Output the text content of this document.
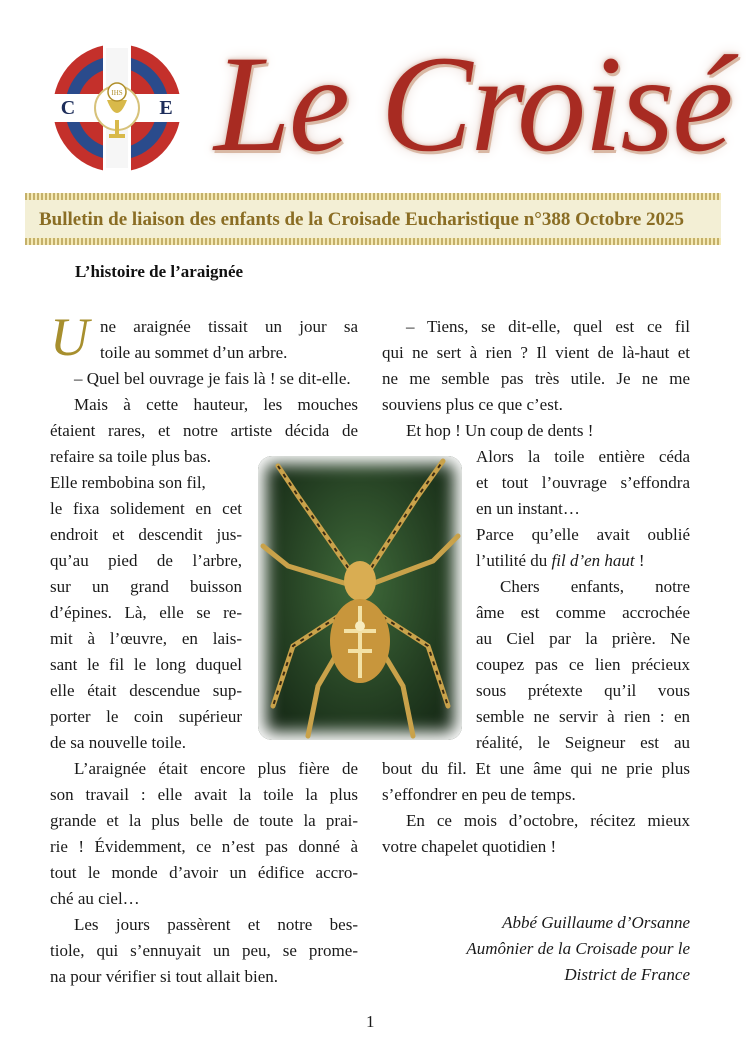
IHS
C	E Le Croisé
Bulletin de liaison des enfants de la Croisade Eucharistique n°388 Octobre 2025
L’histoire de l’araignée
U ne araignée tissait un jour sa
toile au sommet d’un arbre.
– Quel bel ouvrage je fais là ! se dit-elle.
Mais à cette hauteur, les mouches
étaient rares, et notre artiste décida de
refaire sa toile plus bas.
Elle rembobina son fil,
le fixa solidement en cet
endroit et descendit jus-
qu’au pied de l’arbre,
sur un grand buisson
d’épines. Là, elle se re-
mit à l’œuvre, en lais-
sant le fil le long duquel
elle était descendue sup-
porter le coin supérieur
de sa nouvelle toile.
L’araignée était encore plus fière de
son travail : elle avait la toile la plus
grande et la plus belle de toute la prai-
rie ! Évidemment, ce n’est pas donné à
tout le monde d’avoir un édifice accro-
ché au ciel…
Les jours passèrent et notre bes-
tiole, qui s’ennuyait un peu, se prome-
na pour vérifier si tout allait bien.
– Tiens, se dit-elle, quel est ce fil
qui ne sert à rien ? Il vient de là-haut et
ne me semble pas très utile. Je ne me
souviens plus ce que c’est.
Et hop ! Un coup de dents !
Alors la toile entière céda
et tout l’ouvrage s’effondra
en un instant…
Parce qu’elle avait oublié
l’utilité du fil d’en haut !
Chers enfants, notre
âme est comme accrochée
au Ciel par la prière. Ne
coupez pas ce lien précieux
sous prétexte qu’il vous
semble ne servir à rien : en
réalité, le Seigneur est au
bout du fil. Et une âme qui ne prie plus
s’effondrer en peu de temps.
En ce mois d’octobre, récitez mieux
votre chapelet quotidien !
Abbé Guillaume d’Orsanne
Aumônier de la Croisade pour le
District de France
1
